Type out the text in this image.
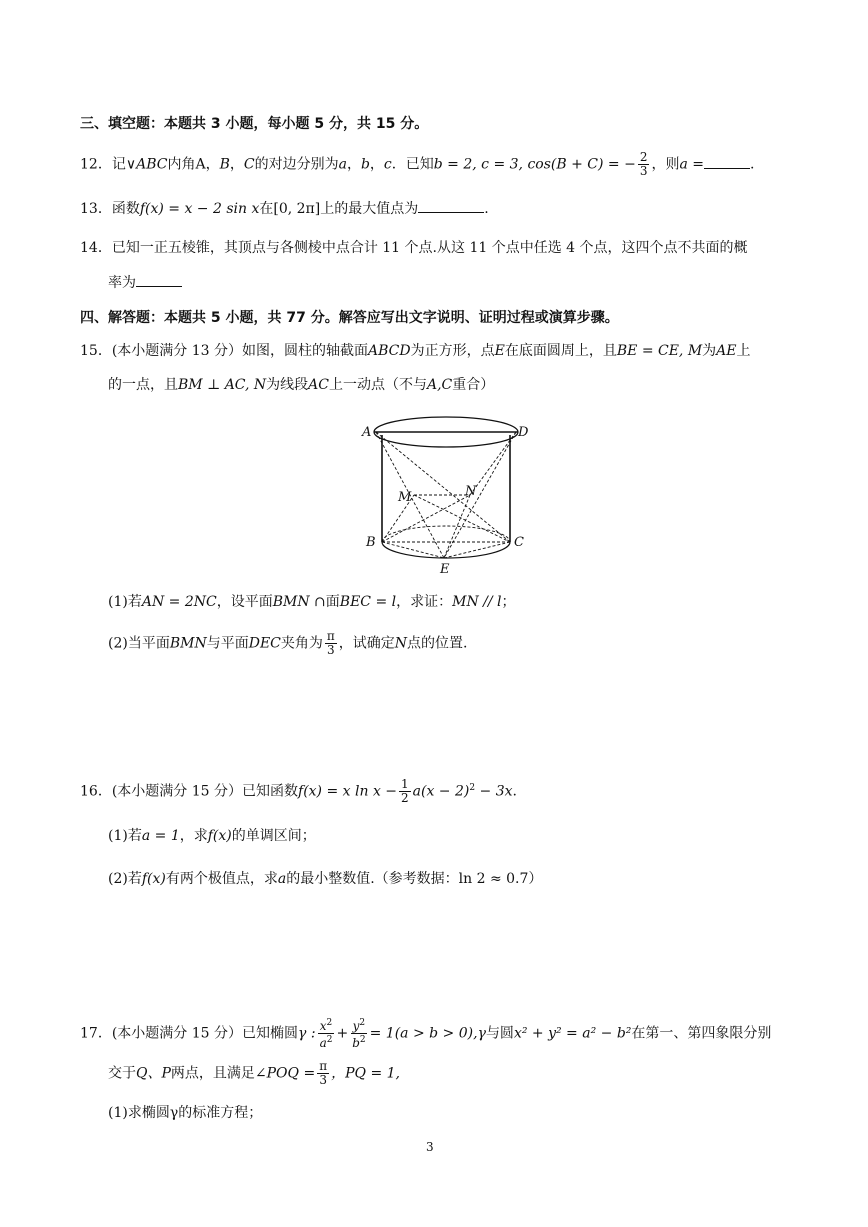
三、填空题：本题共 3 小题，每小题 5 分，共 15 分。
12．记∨ABC内角A，B，C的对边分别为a，b，c．已知b = 2, c = 3, cos(B + C) = − $\frac{2}{3}$ ，则a =	.
13．函数f(x) = x − 2 sin x在[0, 2π]上的最大值点为	.
14．已知一正五棱锥，其顶点与各侧棱中点合计 11 个点.从这 11 个点中任选 4 个点，这四个点不共面的概
率为
四、解答题：本题共 5 小题，共 77 分。解答应写出文字说明、证明过程或演算步骤。
15．(本小题满分 13 分）如图，圆柱的轴截面ABCD为正方形，点E在底面圆周上，且BE = CE, M为AE上
的一点，且BM ⊥ AC, N为线段AC上一动点（不与A,C重合）
A	D
B	C
E
M	N
(1)若AN = 2NC，设平面BMN ∩面BEC = l，求证：MN // l；
(2)当平面BMN与平面DEC夹角为 $\frac{\pi}{3}$ ，试确定N点的位置.
16．(本小题满分 15 分）已知函数f(x) = x $\ln x - \frac{1}{2} a(x - 2)^2 - 3x$.
(1)若a = 1，求f(x)的单调区间；
(2)若f(x)有两个极值点，求a的最小整数值.（参考数据：ln 2 ≈ 0.7）
17．(本小题满分 15 分）已知椭圆γ : $\frac{x^2}{a^2} + \frac{y^2}{b^2} = 1(a > b > 0),\gamma$与圆x² + y² = a² − b²在第一、第四象限分别
交于Q、P两点，且满足∠POQ = $\frac{\pi}{3}$ ，PQ = 1,
(1)求椭圆γ的标准方程；
3
